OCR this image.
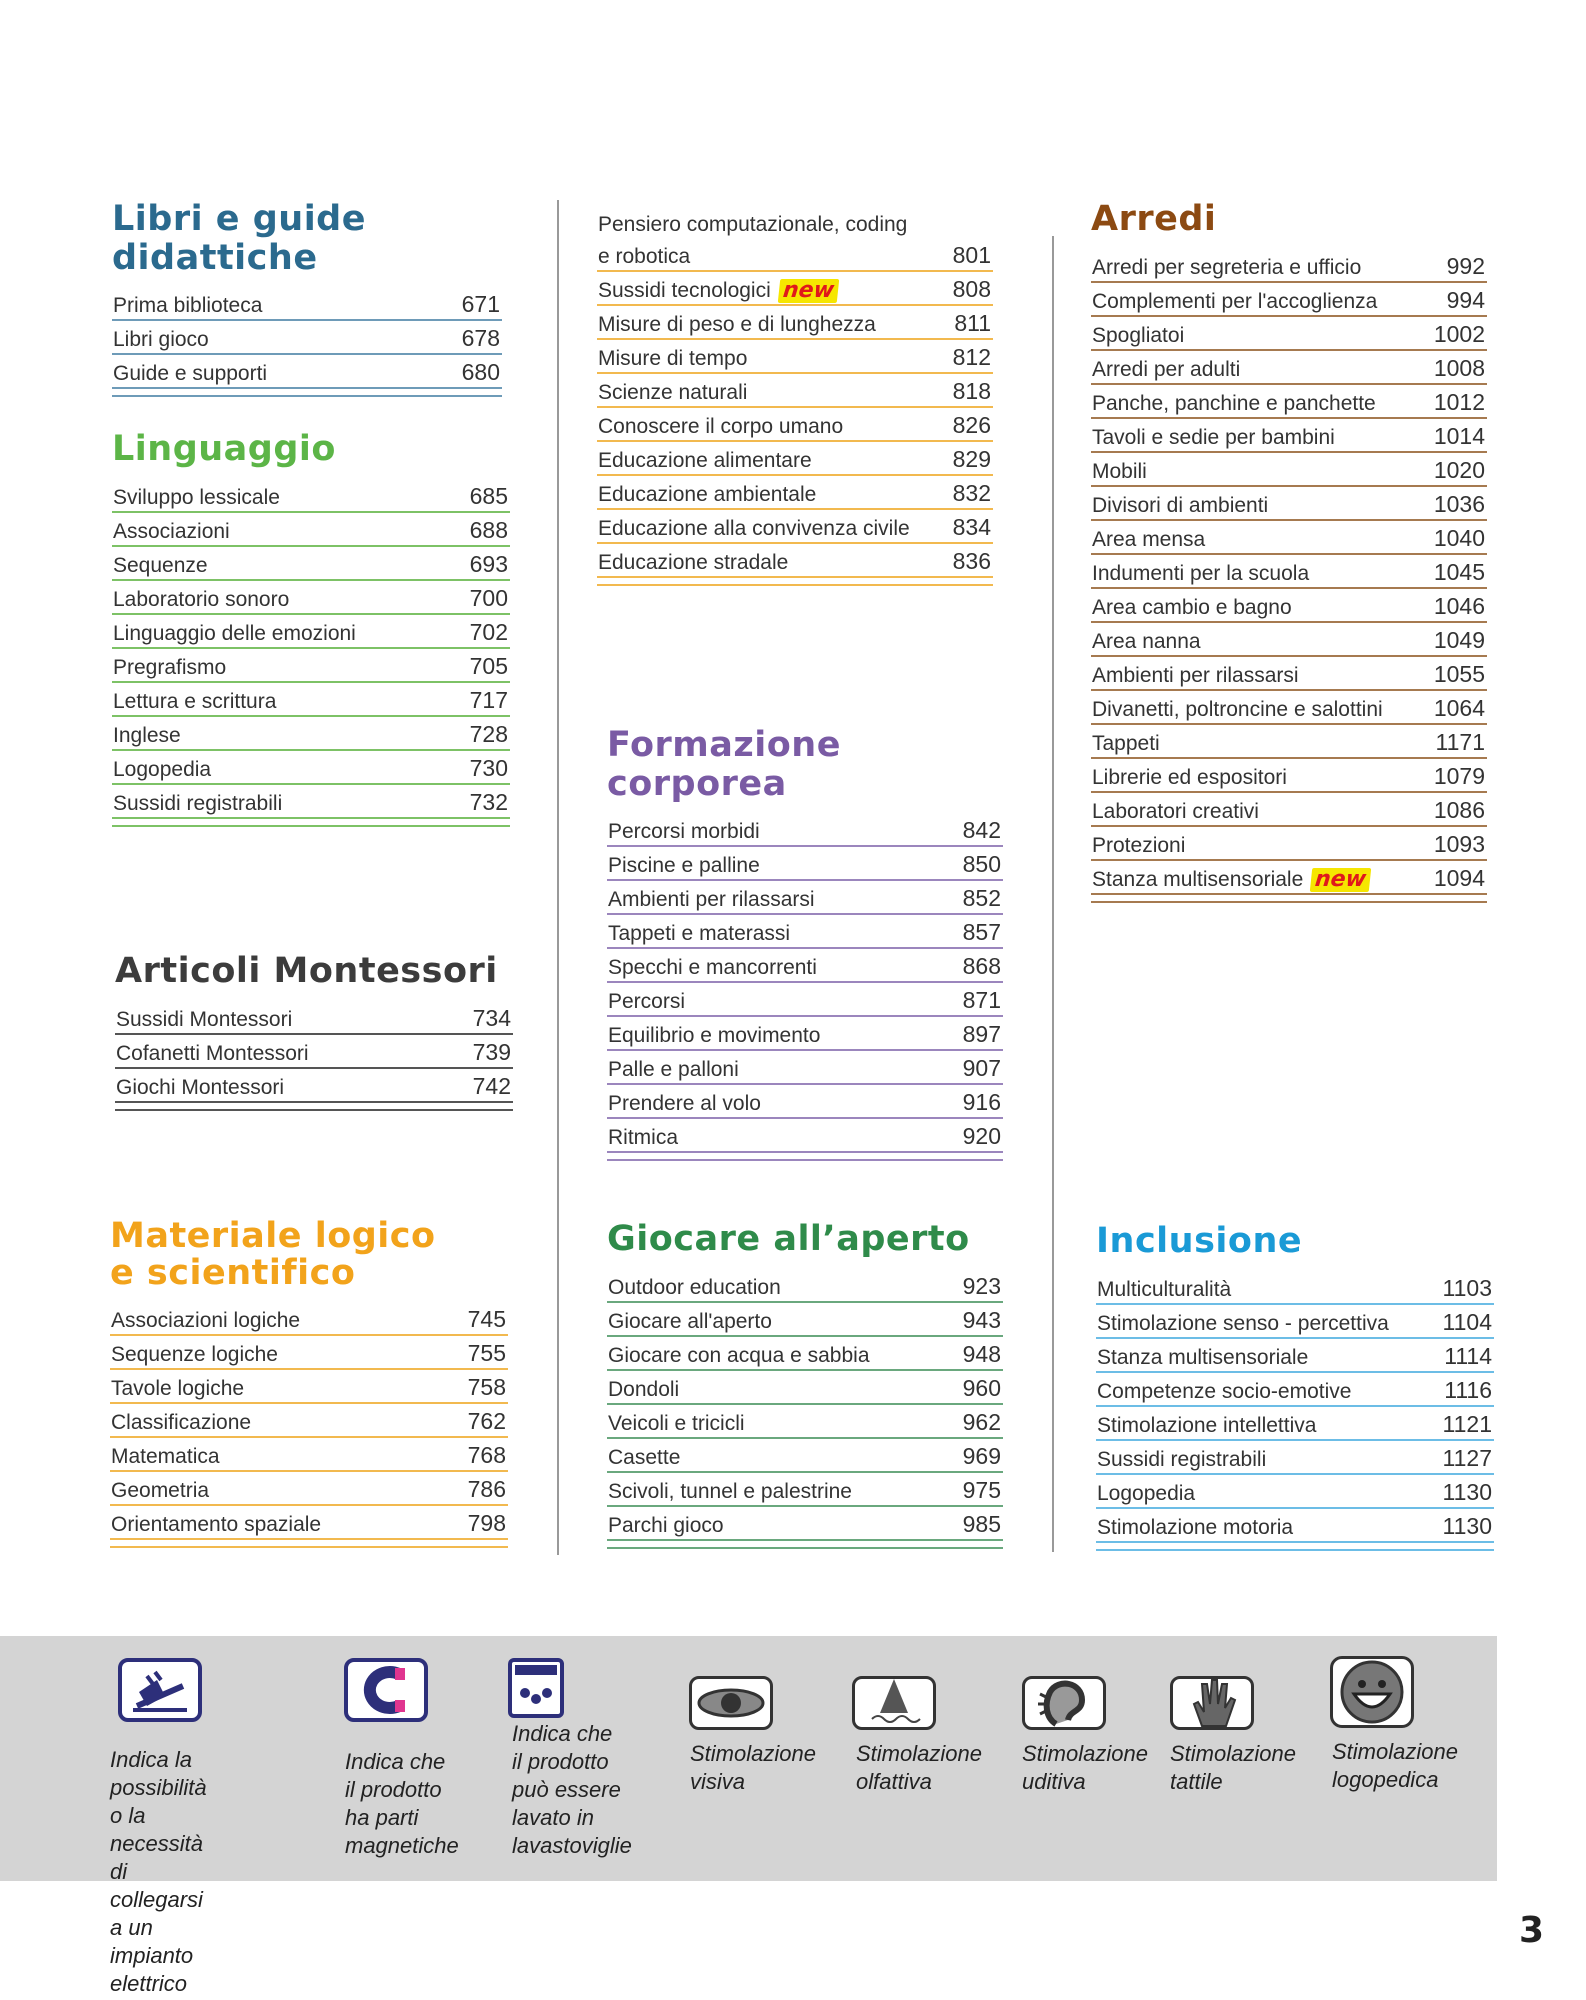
Libri e guide didattiche
Prima biblioteca	671
Libri gioco	678
Guide e supporti	680
Linguaggio
Sviluppo lessicale	685
Associazioni	688
Sequenze	693
Laboratorio sonoro	700
Linguaggio delle emozioni	702
Pregrafismo	705
Lettura e scrittura	717
Inglese	728
Logopedia	730
Sussidi registrabili	732
Articoli Montessori
Sussidi Montessori	734
Cofanetti Montessori	739
Giochi Montessori	742
Materiale logico
e scientifico
Associazioni logiche	745
Sequenze logiche	755
Tavole logiche	758
Classificazione	762
Matematica	768
Geometria	786
Orientamento spaziale	798
Pensiero computazionale, coding
e robotica	801
Sussidi tecnologici new	808
Misure di peso e di lunghezza	811
Misure di tempo	812
Scienze naturali	818
Conoscere il corpo umano	826
Educazione alimentare	829
Educazione ambientale	832
Educazione alla convivenza civile 834
Educazione stradale	836
Formazione corporea
Percorsi morbidi	842
Piscine e palline	850
Ambienti per rilassarsi	852
Tappeti e materassi	857
Specchi e mancorrenti	868
Percorsi	871
Equilibrio e movimento	897
Palle e palloni	907
Prendere al volo	916
Ritmica	920
Giocare all’aperto
Outdoor education	923
Giocare all'aperto	943
Giocare con acqua e sabbia	948
Dondoli	960
Veicoli e tricicli	962
Casette	969
Scivoli, tunnel e palestrine	975
Parchi gioco	985
Arredi
Arredi per segreteria e ufficio	992
Complementi per l'accoglienza	994
Spogliatoi	1002
Arredi per adulti	1008
Panche, panchine e panchette	1012
Tavoli e sedie per bambini	1014
Mobili	1020
Divisori di ambienti	1036
Area mensa	1040
Indumenti per la scuola	1045
Area cambio e bagno	1046
Area nanna	1049
Ambienti per rilassarsi	1055
Divanetti, poltroncine e salottini 1064
Tappeti	1171
Librerie ed espositori	1079
Laboratori creativi	1086
Protezioni	1093
Stanza multisensoriale new	1094
Inclusione
Multiculturalità	1103
Stimolazione senso - percettiva 1104
Stanza multisensoriale	1114
Competenze socio-emotive	1116
Stimolazione intellettiva	1121
Sussidi registrabili	1127
Logopedia	1130
Stimolazione motoria	1130
Indica la possibilità
o la necessità di
collegarsi a un
impianto elettrico
Indica che
il prodotto
ha parti
magnetiche
Indica che
il prodotto
può essere
lavato in
lavastoviglie
Stimolazione
visiva
Stimolazione
olfattiva
Stimolazione
uditiva
Stimolazione
tattile
Stimolazione
logopedica
3
